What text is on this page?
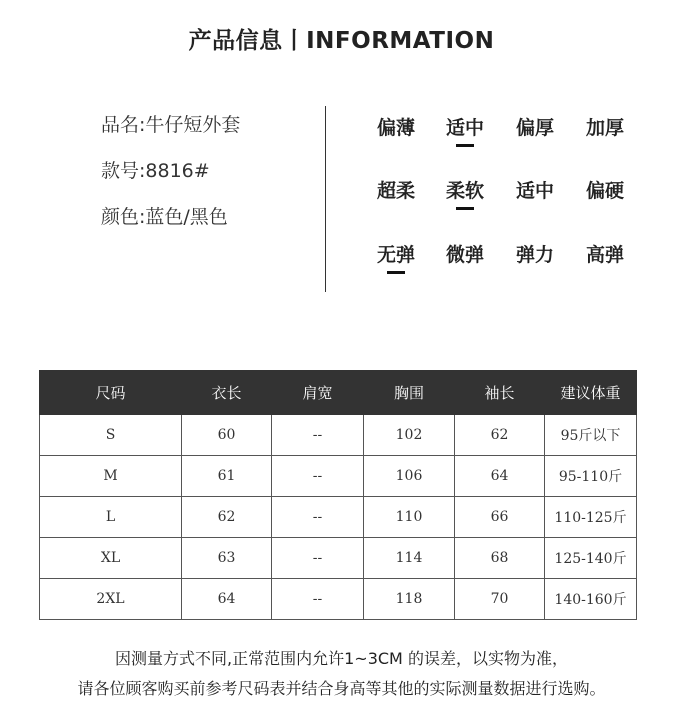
产品信息丨INFORMATION
品名:牛仔短外套
款号:8816#
颜色:蓝色/黑色
偏薄 适中 偏厚 加厚
超柔 柔软 适中 偏硬
无弹 微弹 弹力 高弹
尺码	衣长	肩宽	胸围	袖长	建议体重
S	60	--	102	62	95斤以下
M	61	--	106	64	95-110斤
L	62	--	110	66	110-125斤
XL	63	--	114	68	125-140斤
2XL	64	--	118	70	140-160斤
因测量方式不同,正常范围内允许1~3CM 的误差，以实物为准，
请各位顾客购买前参考尺码表并结合身高等其他的实际测量数据进行选购。
